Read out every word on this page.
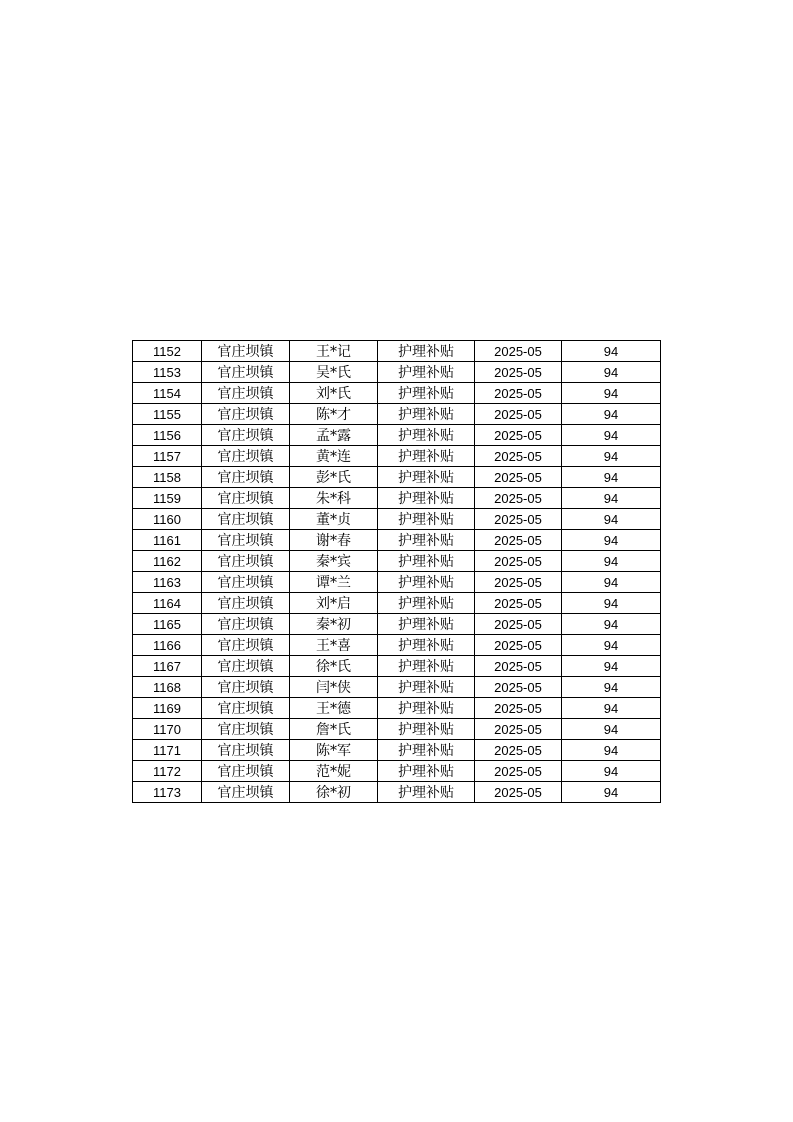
1152	官庄坝镇	王*记	护理补贴	2025-05	94
1153	官庄坝镇	吴*氏	护理补贴	2025-05	94
1154	官庄坝镇	刘*氏	护理补贴	2025-05	94
1155	官庄坝镇	陈*才	护理补贴	2025-05	94
1156	官庄坝镇	孟*露	护理补贴	2025-05	94
1157	官庄坝镇	黄*连	护理补贴	2025-05	94
1158	官庄坝镇	彭*氏	护理补贴	2025-05	94
1159	官庄坝镇	朱*科	护理补贴	2025-05	94
1160	官庄坝镇	董*贞	护理补贴	2025-05	94
1161	官庄坝镇	谢*春	护理补贴	2025-05	94
1162	官庄坝镇	秦*宾	护理补贴	2025-05	94
1163	官庄坝镇	谭*兰	护理补贴	2025-05	94
1164	官庄坝镇	刘*启	护理补贴	2025-05	94
1165	官庄坝镇	秦*初	护理补贴	2025-05	94
1166	官庄坝镇	王*喜	护理补贴	2025-05	94
1167	官庄坝镇	徐*氏	护理补贴	2025-05	94
1168	官庄坝镇	闫*侠	护理补贴	2025-05	94
1169	官庄坝镇	王*德	护理补贴	2025-05	94
1170	官庄坝镇	詹*氏	护理补贴	2025-05	94
1171	官庄坝镇	陈*军	护理补贴	2025-05	94
1172	官庄坝镇	范*妮	护理补贴	2025-05	94
1173	官庄坝镇	徐*初	护理补贴	2025-05	94
